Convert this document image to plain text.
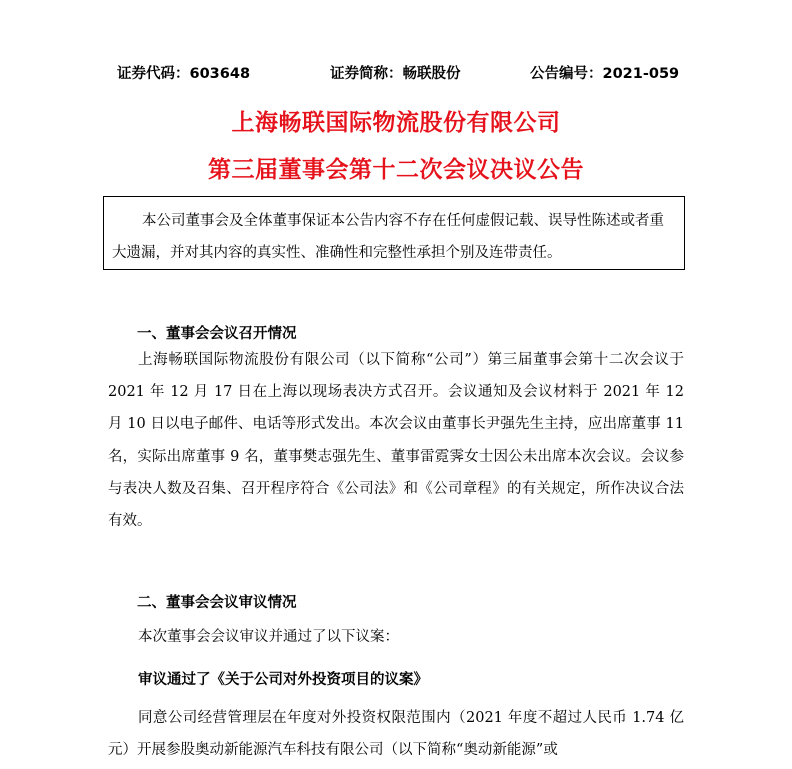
证券代码：603648	证券简称：畅联股份	公告编号：2021-059
上海畅联国际物流股份有限公司
第三届董事会第十二次会议决议公告
本公司董事会及全体董事保证本公告内容不存在任何虚假记载、误导性陈述或者重大遗漏，并对其内容的真实性、准确性和完整性承担个别及连带责任。
一、董事会会议召开情况
上海畅联国际物流股份有限公司（以下简称“公司”）第三届董事会第十二次会议于 2021 年 12 月 17 日在上海以现场表决方式召开。会议通知及会议材料于 2021 年 12 月 10 日以电子邮件、电话等形式发出。本次会议由董事长尹强先生主持，应出席董事 11 名，实际出席董事 9 名，董事樊志强先生、董事雷霓霁女士因公未出席本次会议。会议参与表决人数及召集、召开程序符合《公司法》和《公司章程》的有关规定，所作决议合法有效。
二、董事会会议审议情况
本次董事会会议审议并通过了以下议案：
审议通过了《关于公司对外投资项目的议案》
同意公司经营管理层在年度对外投资权限范围内（2021 年度不超过人民币 1.74 亿元）开展参股奥动新能源汽车科技有限公司（以下简称“奥动新能源”或
